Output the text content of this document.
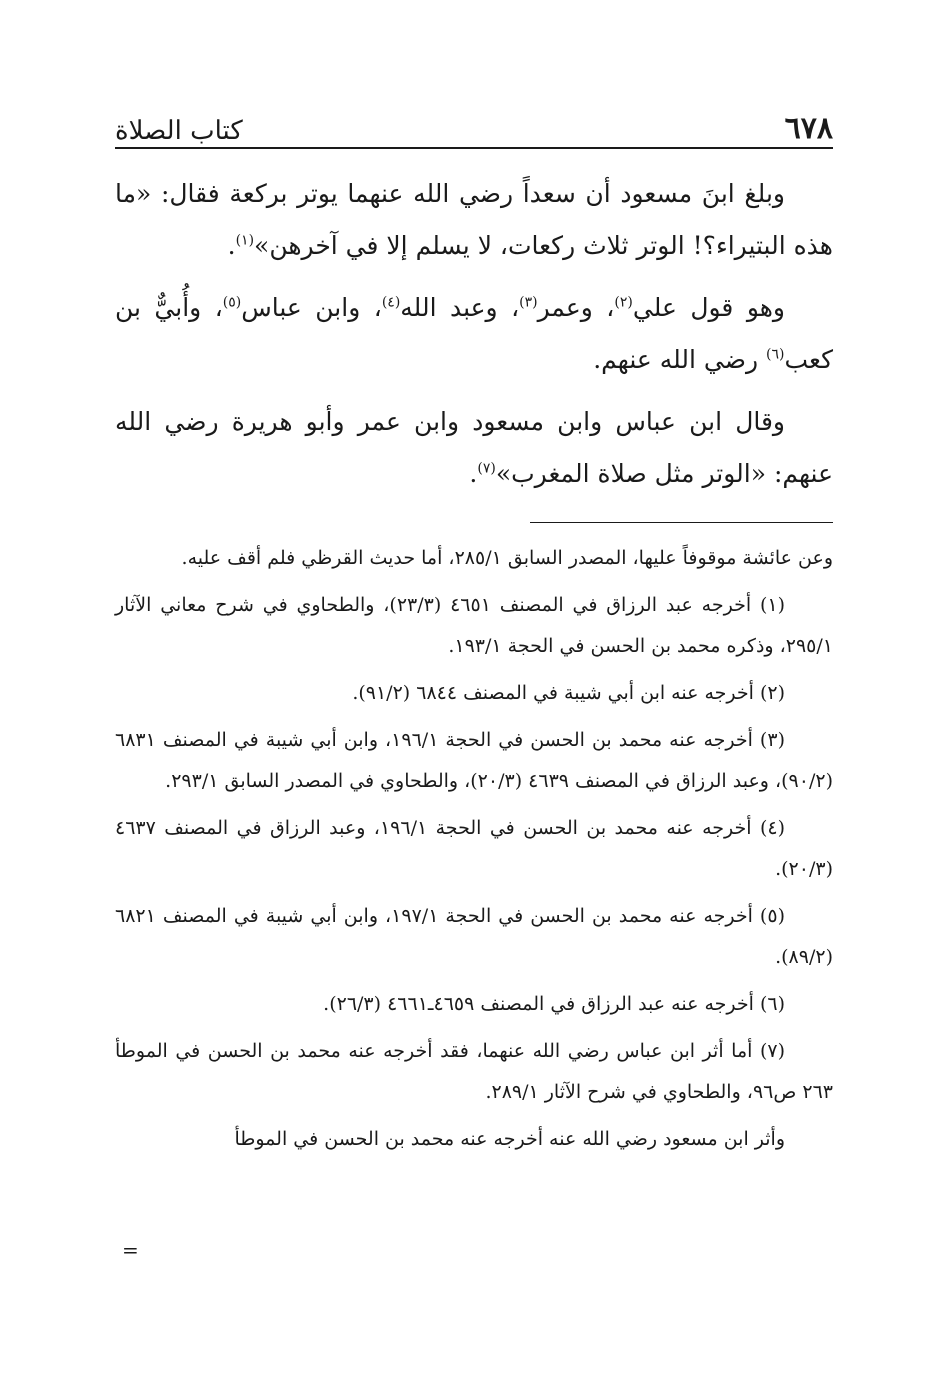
٦٧٨
كتاب الصلاة

وبلغ ابنَ مسعود أن سعداً رضي الله عنهما يوتر بركعة فقال: «ما هذه البتيراء؟! الوتر ثلاث ركعات، لا يسلم إلا في آخرهن»$^{(١)}$.

وهو قول علي$^{(٢)}$، وعمر$^{(٣)}$، وعبد الله$^{(٤)}$، وابن عباس$^{(٥)}$، وأُبيٌّ بن كعب$^{(٦)}$ رضي الله عنهم.

وقال ابن عباس وابن مسعود وابن عمر وأبو هريرة رضي الله عنهم: «الوتر مثل صلاة المغرب»$^{(٧)}$.

وعن عائشة موقوفاً عليها، المصدر السابق ٢٨٥/١، أما حديث القرظي فلم أقف عليه.

(١) أخرجه عبد الرزاق في المصنف ٤٦٥١ (٢٣/٣)، والطحاوي في شرح معاني الآثار ٢٩٥/١، وذكره محمد بن الحسن في الحجة ١٩٣/١.

(٢) أخرجه عنه ابن أبي شيبة في المصنف ٦٨٤٤ (٩١/٢).

(٣) أخرجه عنه محمد بن الحسن في الحجة ١٩٦/١، وابن أبي شيبة في المصنف ٦٨٣١ (٩٠/٢)، وعبد الرزاق في المصنف ٤٦٣٩ (٢٠/٣)، والطحاوي في المصدر السابق ٢٩٣/١.

(٤) أخرجه عنه محمد بن الحسن في الحجة ١٩٦/١، وعبد الرزاق في المصنف ٤٦٣٧ (٢٠/٣).

(٥) أخرجه عنه محمد بن الحسن في الحجة ١٩٧/١، وابن أبي شيبة في المصنف ٦٨٢١ (٨٩/٢).

(٦) أخرجه عنه عبد الرزاق في المصنف ٤٦٥٩ـ٤٦٦١ (٢٦/٣).

(٧) أما أثر ابن عباس رضي الله عنهما، فقد أخرجه عنه محمد بن الحسن في الموطأ ٢٦٣ ص٩٦، والطحاوي في شرح الآثار ٢٨٩/١.

وأثر ابن مسعود رضي الله عنه أخرجه عنه محمد بن الحسن في الموطأ

=
